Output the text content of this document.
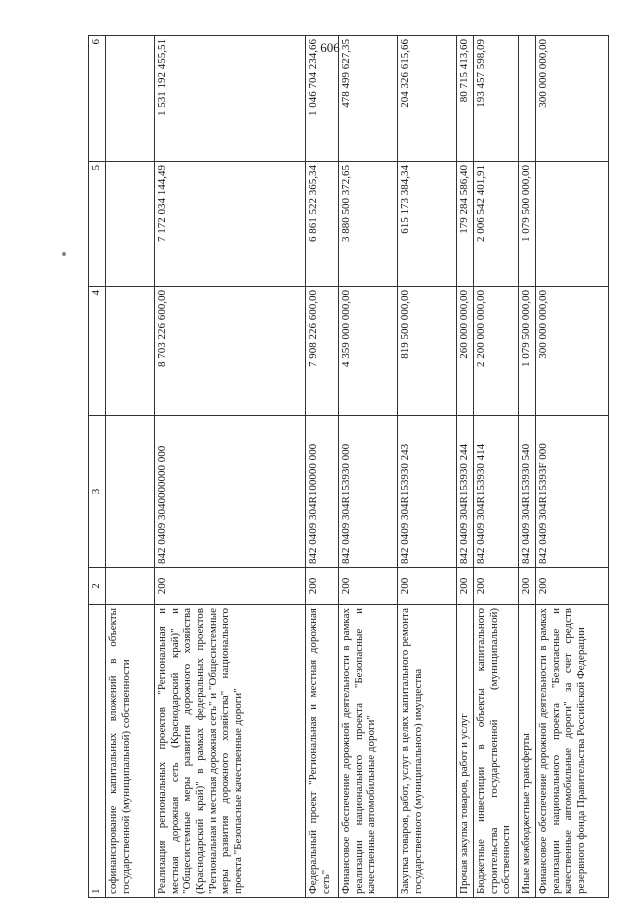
606
1	2	3	4	5	6
софинансирование капитальных вложений в объекты государственной (муниципальной) собственности					
Реализация региональных проектов "Региональная и местная дорожная сеть (Краснодарский край)" и "Общесистемные меры развития дорожного хозяйства (Краснодарский край)" в рамках федеральных проектов "Региональная и местная дорожная сеть" и "Общесистемные меры развития дорожного хозяйства" национального проекта "Безопасные качественные дороги"	200	842 0409 3040000000 000	8 703 226 600,00	7 172 034 144,49	1 531 192 455,51
Федеральный проект "Региональная и местная дорожная сеть"	200	842 0409 304R100000 000	7 908 226 600,00	6 861 522 365,34	1 046 704 234,66
Финансовое обеспечение дорожной деятельности в рамках реализации национального проекта "Безопасные и качественные автомобильные дороги"	200	842 0409 304R153930 000	4 359 000 000,00	3 880 500 372,65	478 499 627,35
Закупка товаров, работ, услуг в целях капитального ремонта государственного (муниципального) имущества	200	842 0409 304R153930 243	819 500 000,00	615 173 384,34	204 326 615,66
Прочая закупка товаров, работ и услуг	200	842 0409 304R153930 244	260 000 000,00	179 284 586,40	80 715 413,60
Бюджетные инвестиции в объекты капитального строительства государственной (муниципальной) собственности	200	842 0409 304R153930 414	2 200 000 000,00	2 006 542 401,91	193 457 598,09
Иные межбюджетные трансферты	200	842 0409 304R153930 540	1 079 500 000,00	1 079 500 000,00	
Финансовое обеспечение дорожной деятельности в рамках реализации национального проекта "Безопасные и качественные автомобильные дороги" за счет средств резервного фонда Правительства Российской Федерации	200	842 0409 304R15393F 000	300 000 000,00		300 000 000,00
